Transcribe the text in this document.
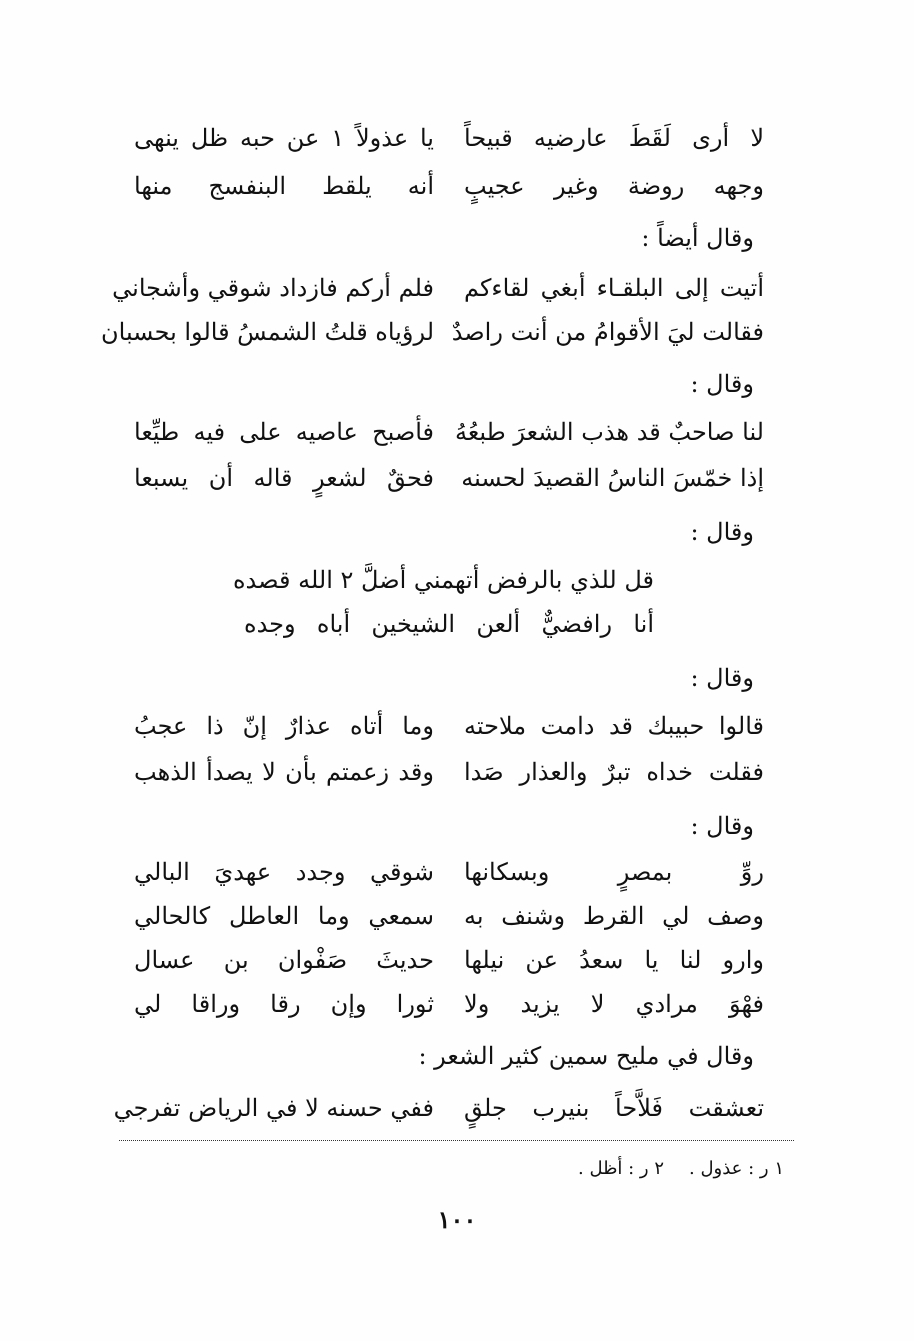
لا أرى لَقَطَ عارضيه قبيحاً
يا عذولاً ١ عن حبه ظل ينهى
وجهه روضة وغير عجيبٍ
أنه يلقط البنفسج منها
وقال أيضاً :
أتيت إلى البلقـاء أبغي لقاءكم
فلم أركم فازداد شوقي وأشجاني
فقالت ليَ الأقوامُ من أنت راصدٌ
لرؤياه قلتُ الشمسُ قالوا بحسبان
وقال :
لنا صاحبٌ قد هذب الشعرَ طبعُهُ
فأصبح عاصيه على فيه طيِّعا
إذا خمّسَ الناسُ القصيدَ لحسنه
فحقٌ لشعرٍ قاله أن يسبعا
وقال :
قل للذي بالرفض أتهمني أضلَّ ٢ الله قصده
أنا رافضيٌّ ألعن الشيخين أباه وجده
وقال :
قالوا حبيبك قد دامت ملاحته
وما أتاه عذارٌ إنّ ذا عجبُ
فقلت خداه تبرٌ والعذار صَدا
وقد زعمتم بأن لا يصدأ الذهب
وقال :
روِّ بمصرٍ وبسكانها
شوقي وجدد عهديَ البالي
وصف لي القرط وشنف به
سمعي وما العاطل كالحالي
وارو لنا يا سعدُ عن نيلها
حديثَ صَفْوان بن عسال
فهْوَ مرادي لا يزيد ولا
ثورا وإن رقا وراقا لي
وقال في مليح سمين كثير الشعر :
تعشقت فَلاَّحاً بنيرب جلقٍ
ففي حسنه لا في الرياض تفرجي
١ ر : عذول .
٢ ر : أظل .
١٠٠
